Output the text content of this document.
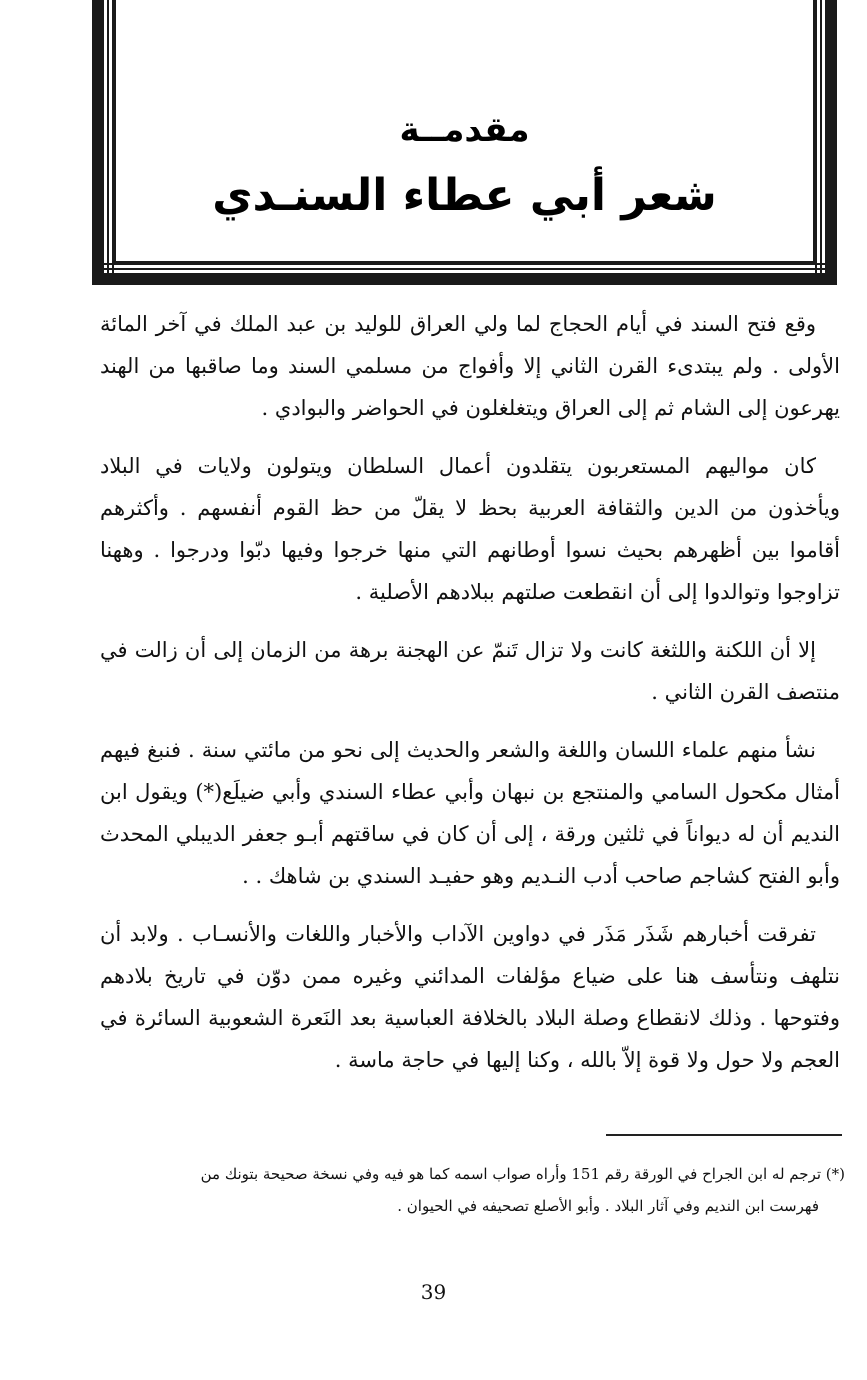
مقدمــة
شعر أبي عطاء السنـدي

وقع فتح السند في أيام الحجاج لما ولي العراق للوليد بن عبد الملك في آخر المائة الأولى . ولم يبتدىء القرن الثاني إلا وأفواج من مسلمي السند وما صاقبها من الهند يهرعون إلى الشام ثم إلى العراق ويتغلغلون في الحواضر والبوادي .

كان مواليهم المستعربون يتقلدون أعمال السلطان ويتولون ولايات في البلاد ويأخذون من الدين والثقافة العربية بحظ لا يقلّ من حظ القوم أنفسهم . وأكثرهم أقاموا بين أظهرهم بحيث نسوا أوطانهم التي منها خرجوا وفيها دبّوا ودرجوا . وههنا تزاوجوا وتوالدوا إلى أن انقطعت صلتهم ببلادهم الأصلية .

إلا أن اللكنة واللثغة كانت ولا تزال تَنمّ عن الهجنة برهة من الزمان إلى أن زالت في منتصف القرن الثاني .

نشأ منهم علماء اللسان واللغة والشعر والحديث إلى نحو من مائتي سنة . فنبغ فيهم أمثال مكحول السامي والمنتجع بن نبهان وأبي عطاء السندي وأبي ضيلَع(*) ويقول ابن النديم أن له ديواناً في ثلثين ورقة ، إلى أن كان في ساقتهم أبـو جعفر الديبلي المحدث وأبو الفتح كشاجم صاحب أدب النـديم وهو حفيـد السندي بن شاهك . .

تفرقت أخبارهم شَذَر مَذَر في دواوين الآداب والأخبار واللغات والأنسـاب . ولابد أن نتلهف ونتأسف هنا على ضياع مؤلفات المدائني وغيره ممن دوّن في تاريخ بلادهم وفتوحها . وذلك لانقطاع وصلة البلاد بالخلافة العباسية بعد النَعرة الشعوبية السائرة في العجم ولا حول ولا قوة إلاّ بالله ، وكنا إليها في حاجة ماسة .

(*) ترجم له ابن الجراح في الورقة رقم 151 وأراه صواب اسمه كما هو فيه وفي نسخة صحيحة بتونك من

فهرست ابن النديم وفي آثار البلاد . وأبو الأصلع تصحيفه في الحيوان .

39
